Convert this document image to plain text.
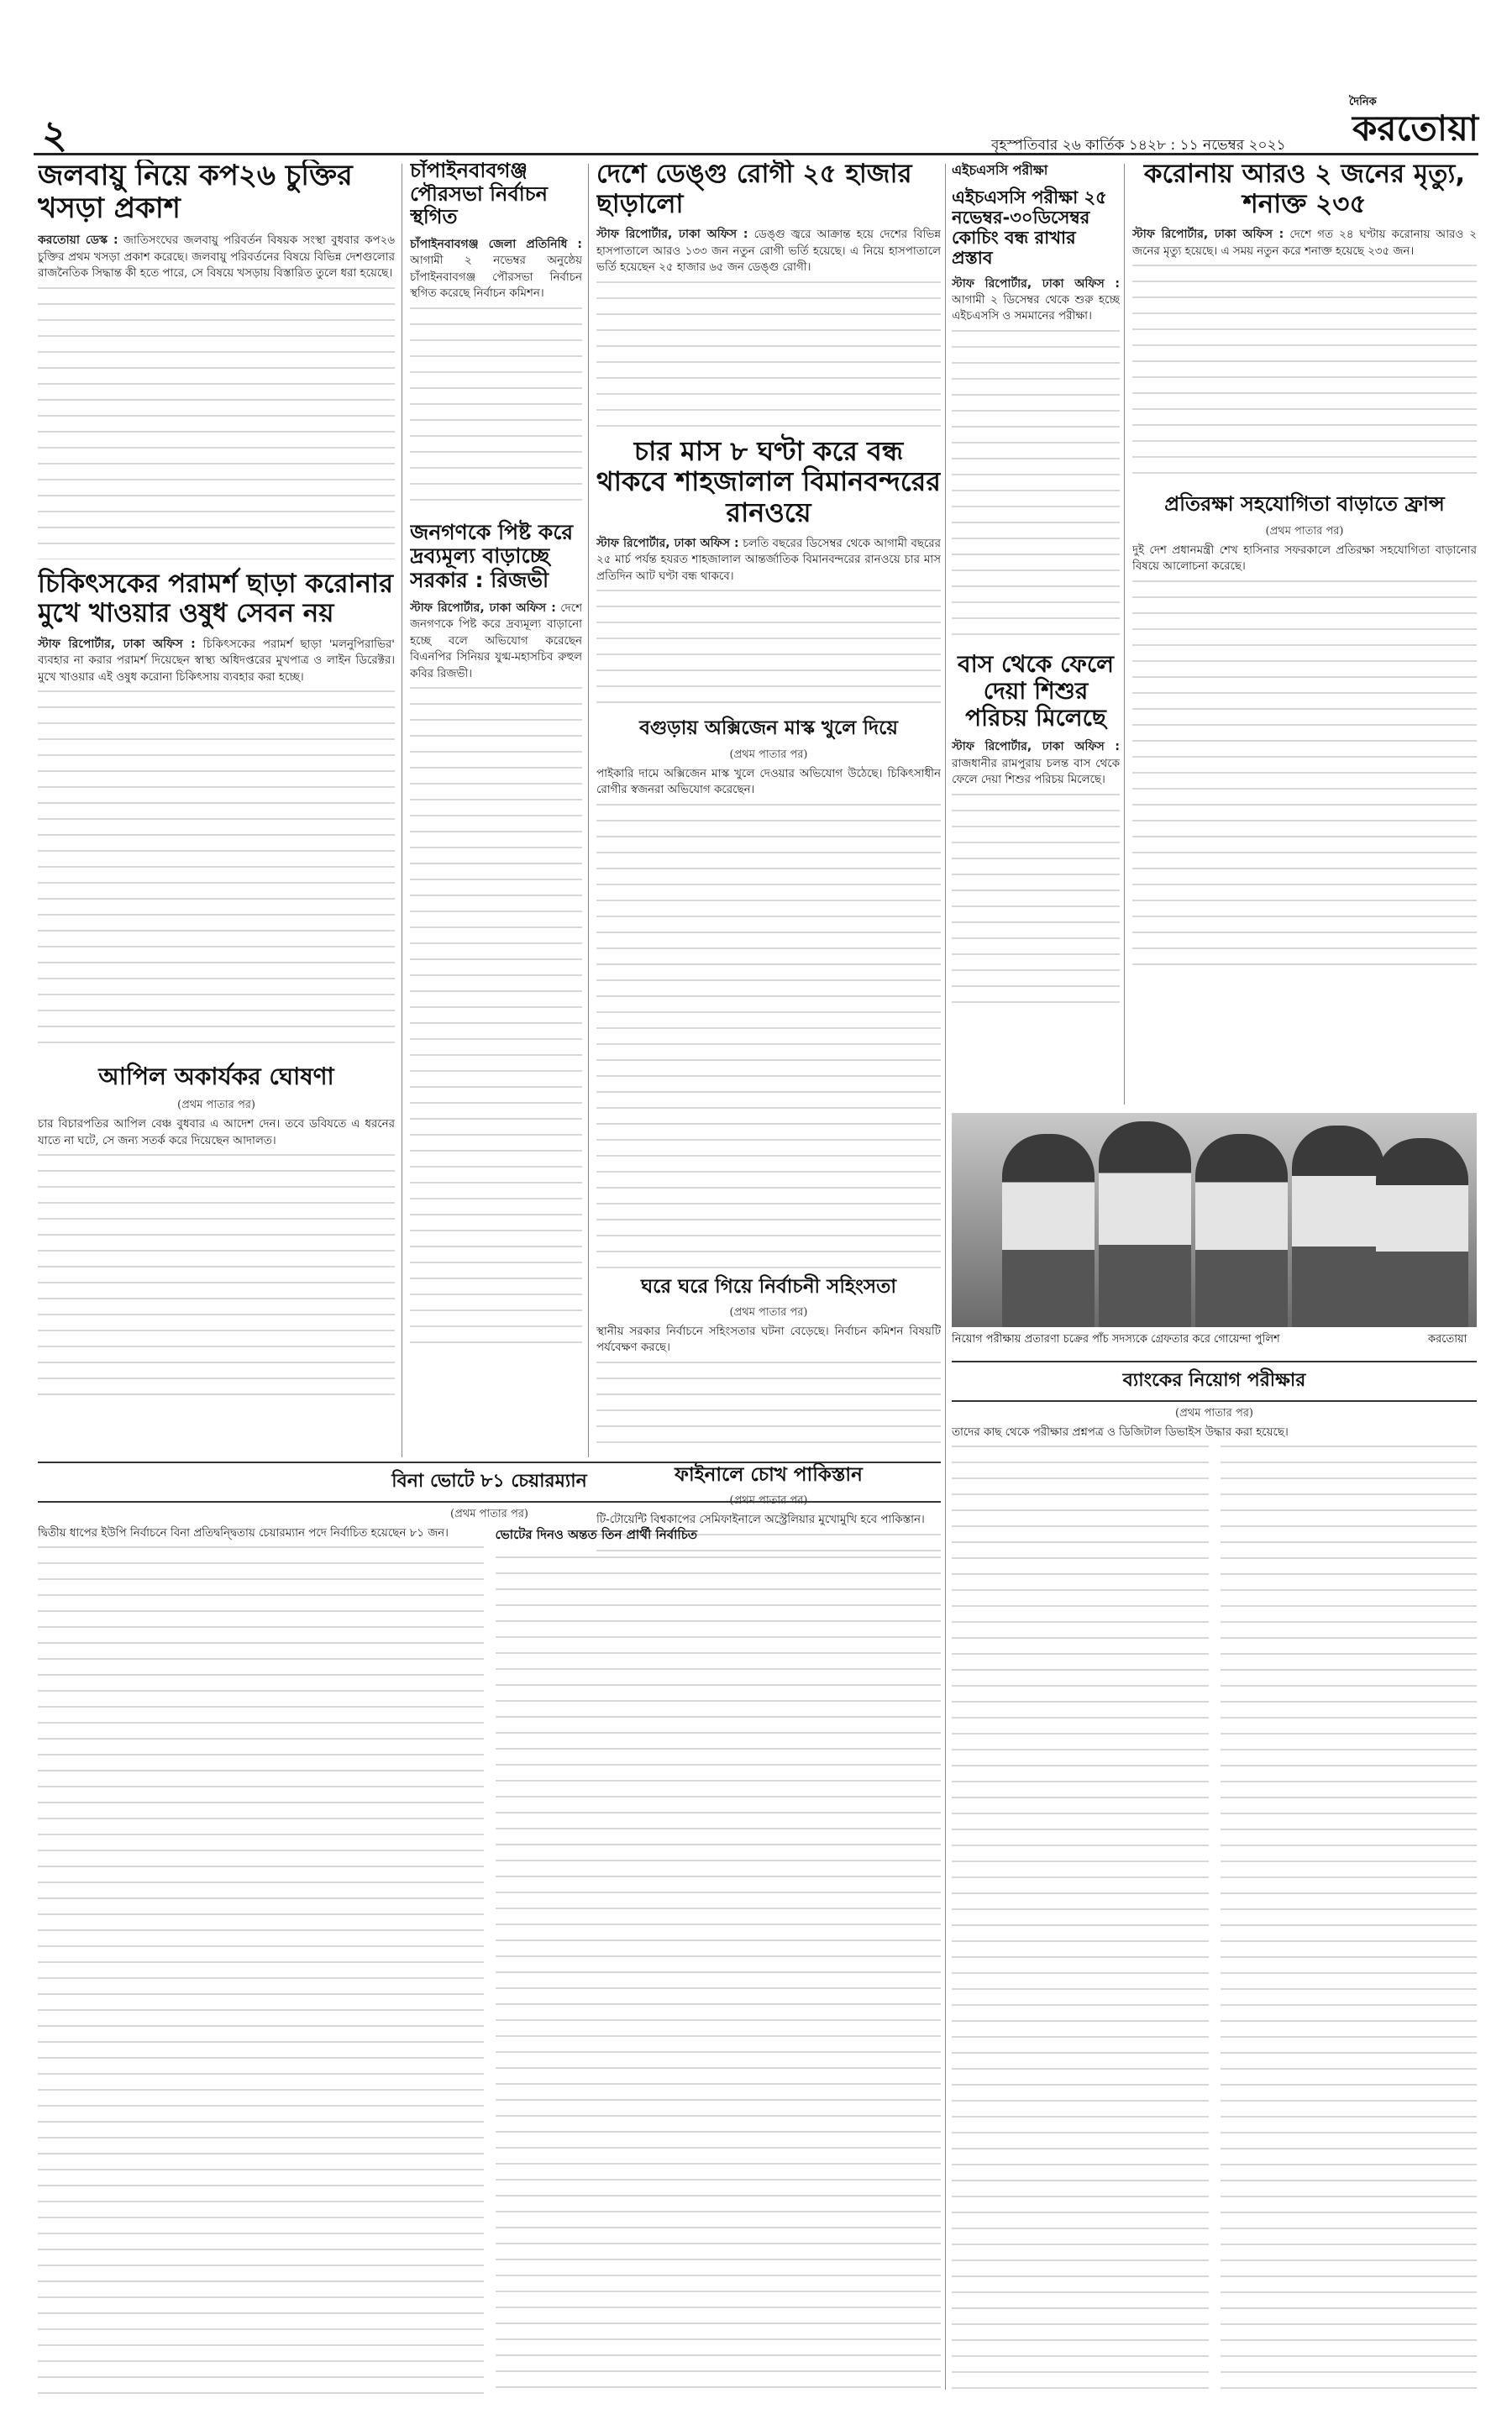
২	বৃহস্পতিবার ২৬ কার্তিক ১৪২৮ : ১১ নভেম্বর ২০২১
দৈনিক
করতোয়া
জলবায়ু নিয়ে কপ২৬ চুক্তির খসড়া প্রকাশ

করতোয়া ডেস্ক : জাতিসংঘের জলবায়ু পরিবর্তন বিষয়ক সংস্থা বুধবার কপ২৬ চুক্তির প্রথম খসড়া প্রকাশ করেছে। জলবায়ু পরিবর্তনের বিষয়ে বিভিন্ন দেশগুলোর রাজনৈতিক সিদ্ধান্ত কী হতে পারে, সে বিষয়ে খসড়ায় বিস্তারিত তুলে ধরা হয়েছে।

চিকিৎসকের পরামর্শ ছাড়া করোনার মুখে খাওয়ার ওষুধ সেবন নয়

স্টাফ রিপোর্টার, ঢাকা অফিস : চিকিৎসকের পরামর্শ ছাড়া 'মলনুপিরাভির' ব্যবহার না করার পরামর্শ দিয়েছেন স্বাস্থ্য অধিদপ্তরের মুখপাত্র ও লাইন ডিরেক্টর। মুখে খাওয়ার এই ওষুধ করোনা চিকিৎসায় ব্যবহার করা হচ্ছে।

আপিল অকার্যকর ঘোষণা

(প্রথম পাতার পর)

চার বিচারপতির আপিল বেঞ্চ বুধবার এ আদেশ দেন। তবে ডবিযতে এ ধরনের যাতে না ঘটে, সে জন্য সতর্ক করে দিয়েছেন আদালত।

চাঁপাইনবাবগঞ্জ পৌরসভা নির্বাচন স্থগিত

চাঁপাইনবাবগঞ্জ জেলা প্রতিনিধি : আগামী ২ নভেম্বর অনুষ্ঠেয় চাঁপাইনবাবগঞ্জ পৌরসভা নির্বাচন স্থগিত করেছে নির্বাচন কমিশন।

জনগণকে পিষ্ট করে দ্রব্যমূল্য বাড়াচ্ছে সরকার : রিজভী

স্টাফ রিপোর্টার, ঢাকা অফিস : দেশে জনগণকে পিষ্ট করে দ্রব্যমূল্য বাড়ানো হচ্ছে বলে অভিযোগ করেছেন বিএনপির সিনিয়র যুগ্ম-মহাসচিব রুহুল কবির রিজভী।

দেশে ডেঙ্গু রোগী ২৫ হাজার ছাড়ালো

স্টাফ রিপোর্টার, ঢাকা অফিস : ডেঙ্গু জ্বরে আক্রান্ত হয়ে দেশের বিভিন্ন হাসপাতালে আরও ১৩৩ জন নতুন রোগী ভর্তি হয়েছে। এ নিয়ে হাসপাতালে ভর্তি হয়েছেন ২৫ হাজার ৬৫ জন ডেঙ্গু রোগী।

চার মাস ৮ ঘণ্টা করে বন্ধ থাকবে শাহজালাল বিমানবন্দরের রানওয়ে

স্টাফ রিপোর্টার, ঢাকা অফিস : চলতি বছরের ডিসেম্বর থেকে আগামী বছরের ২৫ মার্চ পর্যন্ত হযরত শাহজালাল আন্তর্জাতিক বিমানবন্দরের রানওয়ে চার মাস প্রতিদিন আট ঘণ্টা বন্ধ থাকবে।

বগুড়ায় অক্সিজেন মাস্ক খুলে দিয়ে

(প্রথম পাতার পর)

পাইকারি দামে অক্সিজেন মাস্ক খুলে দেওয়ার অভিযোগ উঠেছে। চিকিৎসাধীন রোগীর স্বজনরা অভিযোগ করেছেন।

ঘরে ঘরে গিয়ে নির্বাচনী সহিংসতা

(প্রথম পাতার পর)

স্থানীয় সরকার নির্বাচনে সহিংসতার ঘটনা বেড়েছে। নির্বাচন কমিশন বিষয়টি পর্যবেক্ষণ করছে।

ফাইনালে চোখ পাকিস্তান

(প্রথম পাতার পর)

টি-টোয়েন্টি বিশ্বকাপের সেমিফাইনালে অস্ট্রেলিয়ার মুখোমুখি হবে পাকিস্তান।

এইচএসসি পরীক্ষা
এইচএসসি পরীক্ষা ২৫ নভেম্বর-৩০ডিসেম্বর কোচিং বন্ধ রাখার প্রস্তাব

স্টাফ রিপোর্টার, ঢাকা অফিস : আগামী ২ ডিসেম্বর থেকে শুরু হচ্ছে এইচএসসি ও সমমানের পরীক্ষা।

বাস থেকে ফেলে দেয়া শিশুর পরিচয় মিলেছে

স্টাফ রিপোর্টার, ঢাকা অফিস : রাজধানীর রামপুরায় চলন্ত বাস থেকে ফেলে দেয়া শিশুর পরিচয় মিলেছে।

করোনায় আরও ২ জনের মৃত্যু, শনাক্ত ২৩৫

স্টাফ রিপোর্টার, ঢাকা অফিস : দেশে গত ২৪ ঘণ্টায় করোনায় আরও ২ জনের মৃত্যু হয়েছে। এ সময় নতুন করে শনাক্ত হয়েছে ২৩৫ জন।

প্রতিরক্ষা সহযোগিতা বাড়াতে ফ্রান্স

(প্রথম পাতার পর)

দুই দেশ প্রধানমন্ত্রী শেখ হাসিনার সফরকালে প্রতিরক্ষা সহযোগিতা বাড়ানোর বিষয়ে আলোচনা করেছে।

নিয়োগ পরীক্ষায় প্রতারণা চক্রের পাঁচ সদস্যকে গ্রেফতার করে গোয়েন্দা পুলিশ	করতোয়া
বিনা ভোটে ৮১ চেয়ারম্যান

(প্রথম পাতার পর)

দ্বিতীয় ধাপের ইউপি নির্বাচনে বিনা প্রতিদ্বন্দ্বিতায় চেয়ারম্যান পদে নির্বাচিত হয়েছেন ৮১ জন।	ভোটের দিনও অন্তত তিন প্রার্থী নির্বাচিত
ব্যাংকের নিয়োগ পরীক্ষার

(প্রথম পাতার পর)

তাদের কাছ থেকে পরীক্ষার প্রশ্নপত্র ও ডিজিটাল ডিভাইস উদ্ধার করা হয়েছে।
